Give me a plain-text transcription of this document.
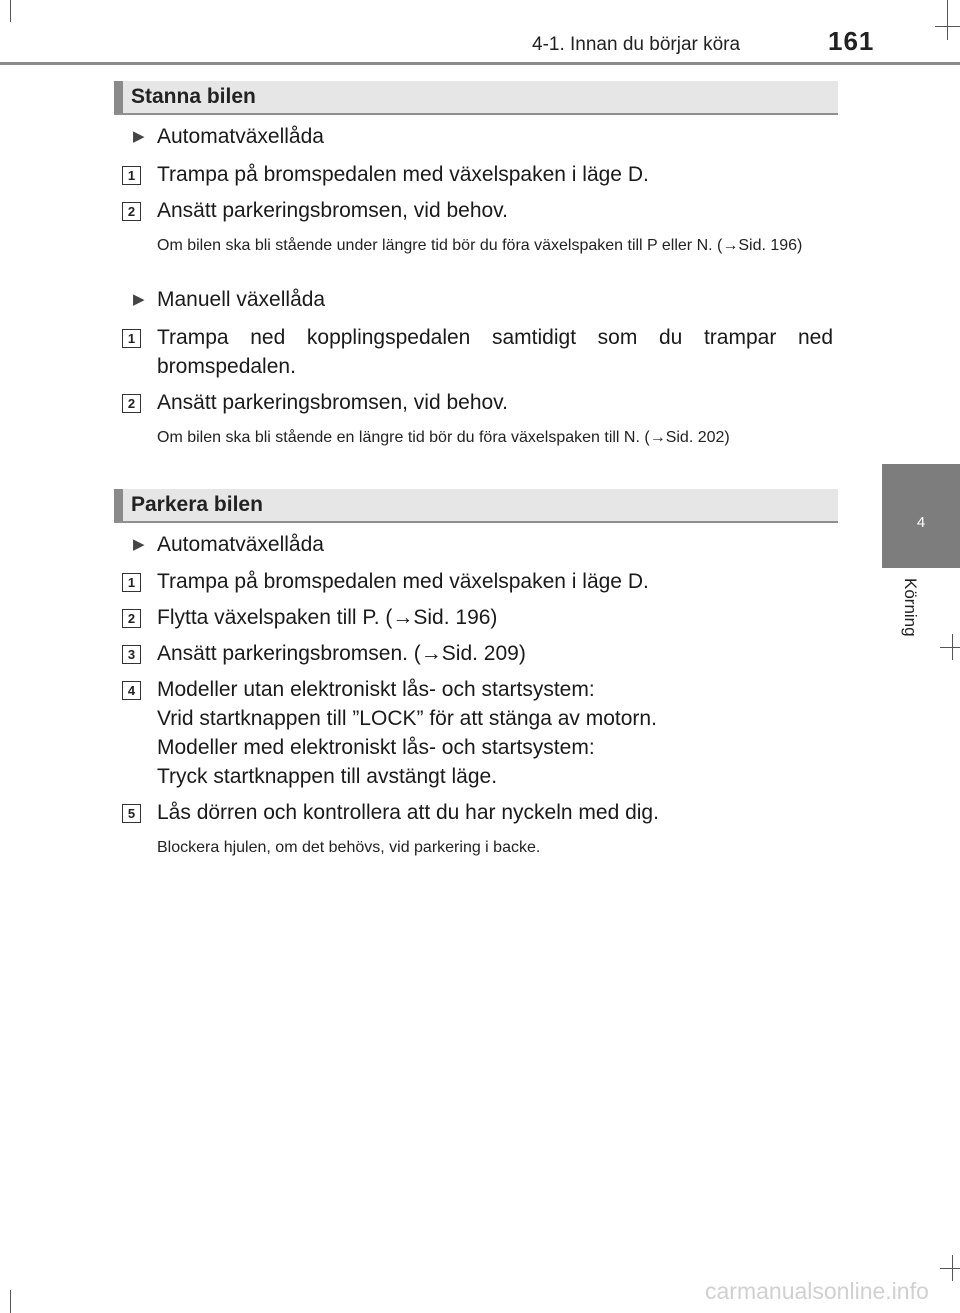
4-1. Innan du börjar köra	161
4
Körning
Stanna bilen
▶ Automatväxellåda
1 Trampa på bromspedalen med växelspaken i läge D.
2 Ansätt parkeringsbromsen, vid behov.
Om bilen ska bli stående under längre tid bör du föra växelspaken till P eller N. (→Sid. 196)
▶ Manuell växellåda
1 Trampa ned kopplingspedalen samtidigt som du trampar ned bromspedalen.
2 Ansätt parkeringsbromsen, vid behov.
Om bilen ska bli stående en längre tid bör du föra växelspaken till N. (→Sid. 202)
Parkera bilen
▶ Automatväxellåda
1 Trampa på bromspedalen med växelspaken i läge D.
2 Flytta växelspaken till P. (→Sid. 196)
3 Ansätt parkeringsbromsen. (→Sid. 209)
4 Modeller utan elektroniskt lås- och startsystem:
Vrid startknappen till ”LOCK” för att stänga av motorn.
Modeller med elektroniskt lås- och startsystem:
Tryck startknappen till avstängt läge.
5 Lås dörren och kontrollera att du har nyckeln med dig.
Blockera hjulen, om det behövs, vid parkering i backe.
carmanualsonline.info
